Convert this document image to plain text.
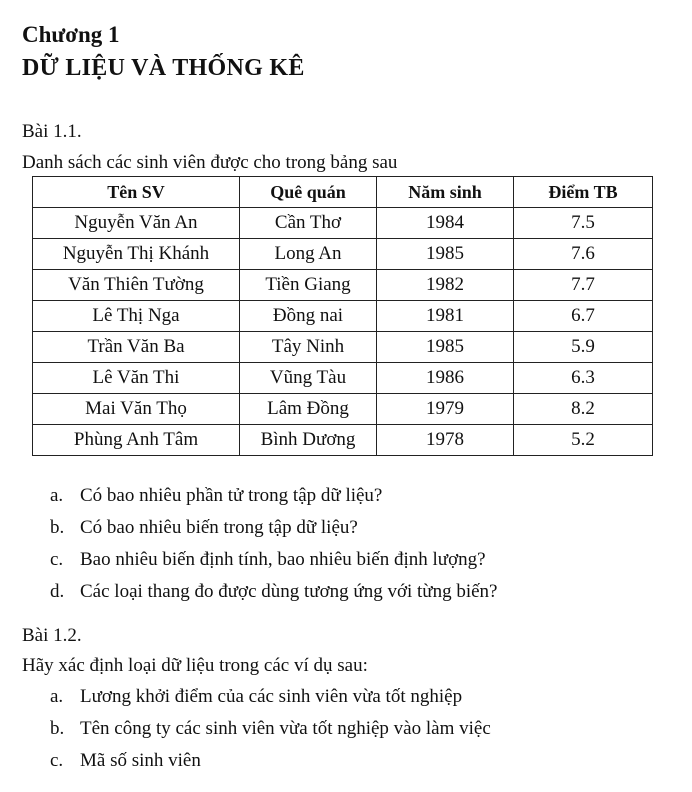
Chương 1
DỮ LIỆU VÀ THỐNG KÊ
Bài 1.1.
Danh sách các sinh viên được cho trong bảng sau
Tên SV	Quê quán	Năm sinh	Điểm TB
Nguyễn Văn An	Cần Thơ	1984	7.5
Nguyễn Thị Khánh	Long An	1985	7.6
Văn Thiên Tường	Tiền Giang	1982	7.7
Lê Thị Nga	Đồng nai	1981	6.7
Trần Văn Ba	Tây Ninh	1985	5.9
Lê Văn Thi	Vũng Tàu	1986	6.3
Mai Văn Thọ	Lâm Đồng	1979	8.2
Phùng Anh Tâm	Bình Dương	1978	5.2
a. Có bao nhiêu phần tử trong tập dữ liệu?
b. Có bao nhiêu biến trong tập dữ liệu?
c. Bao nhiêu biến định tính, bao nhiêu biến định lượng?
d. Các loại thang đo được dùng tương ứng với từng biến?
Bài 1.2.
Hãy xác định loại dữ liệu trong các ví dụ sau:
a. Lương khởi điểm của các sinh viên vừa tốt nghiệp
b. Tên công ty các sinh viên vừa tốt nghiệp vào làm việc
c. Mã số sinh viên
